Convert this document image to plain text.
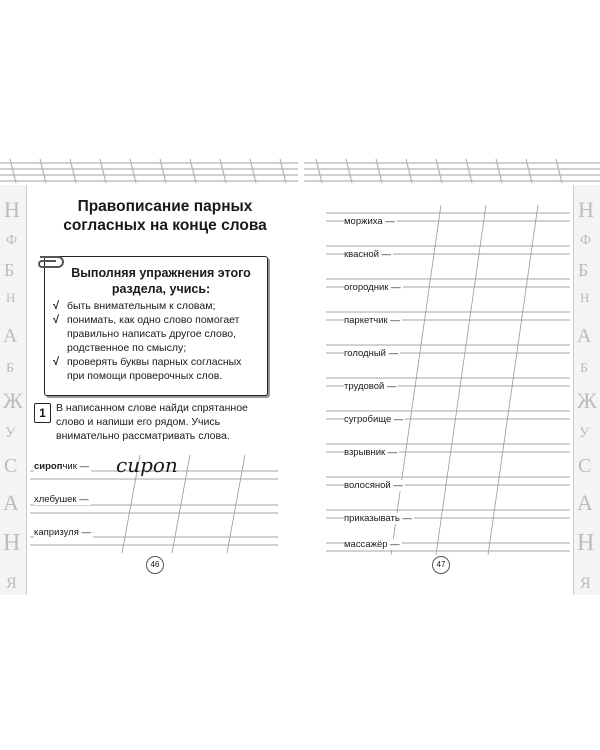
Н
Ф
Б
Н
А
Б
Ж
У
С
А
Н
Я
Правописание парных
согласных на конце слова
Выполняя упражнения этого
раздела, учись:
√ быть внимательным к словам;
√ понимать, как одно слово помогает
правильно написать другое слово,
родственное по смыслу;
√ проверять буквы парных согласных
при помощи проверочных слов.
1 В написанном слове найди спрятанное
слово и напиши его рядом. Учись
внимательно рассматривать слова.
сиропчик — сироп
хлебушек —
капризуля —
46
Н
Ф
Б
Н
А
Б
Ж
У
С
А
Н
Я
моржиха —
квасной —
огородник —
паркетчик —
голодный —
трудовой —
сугробище —
взрывник —
волосяной —
приказывать —
массажёр —
47
